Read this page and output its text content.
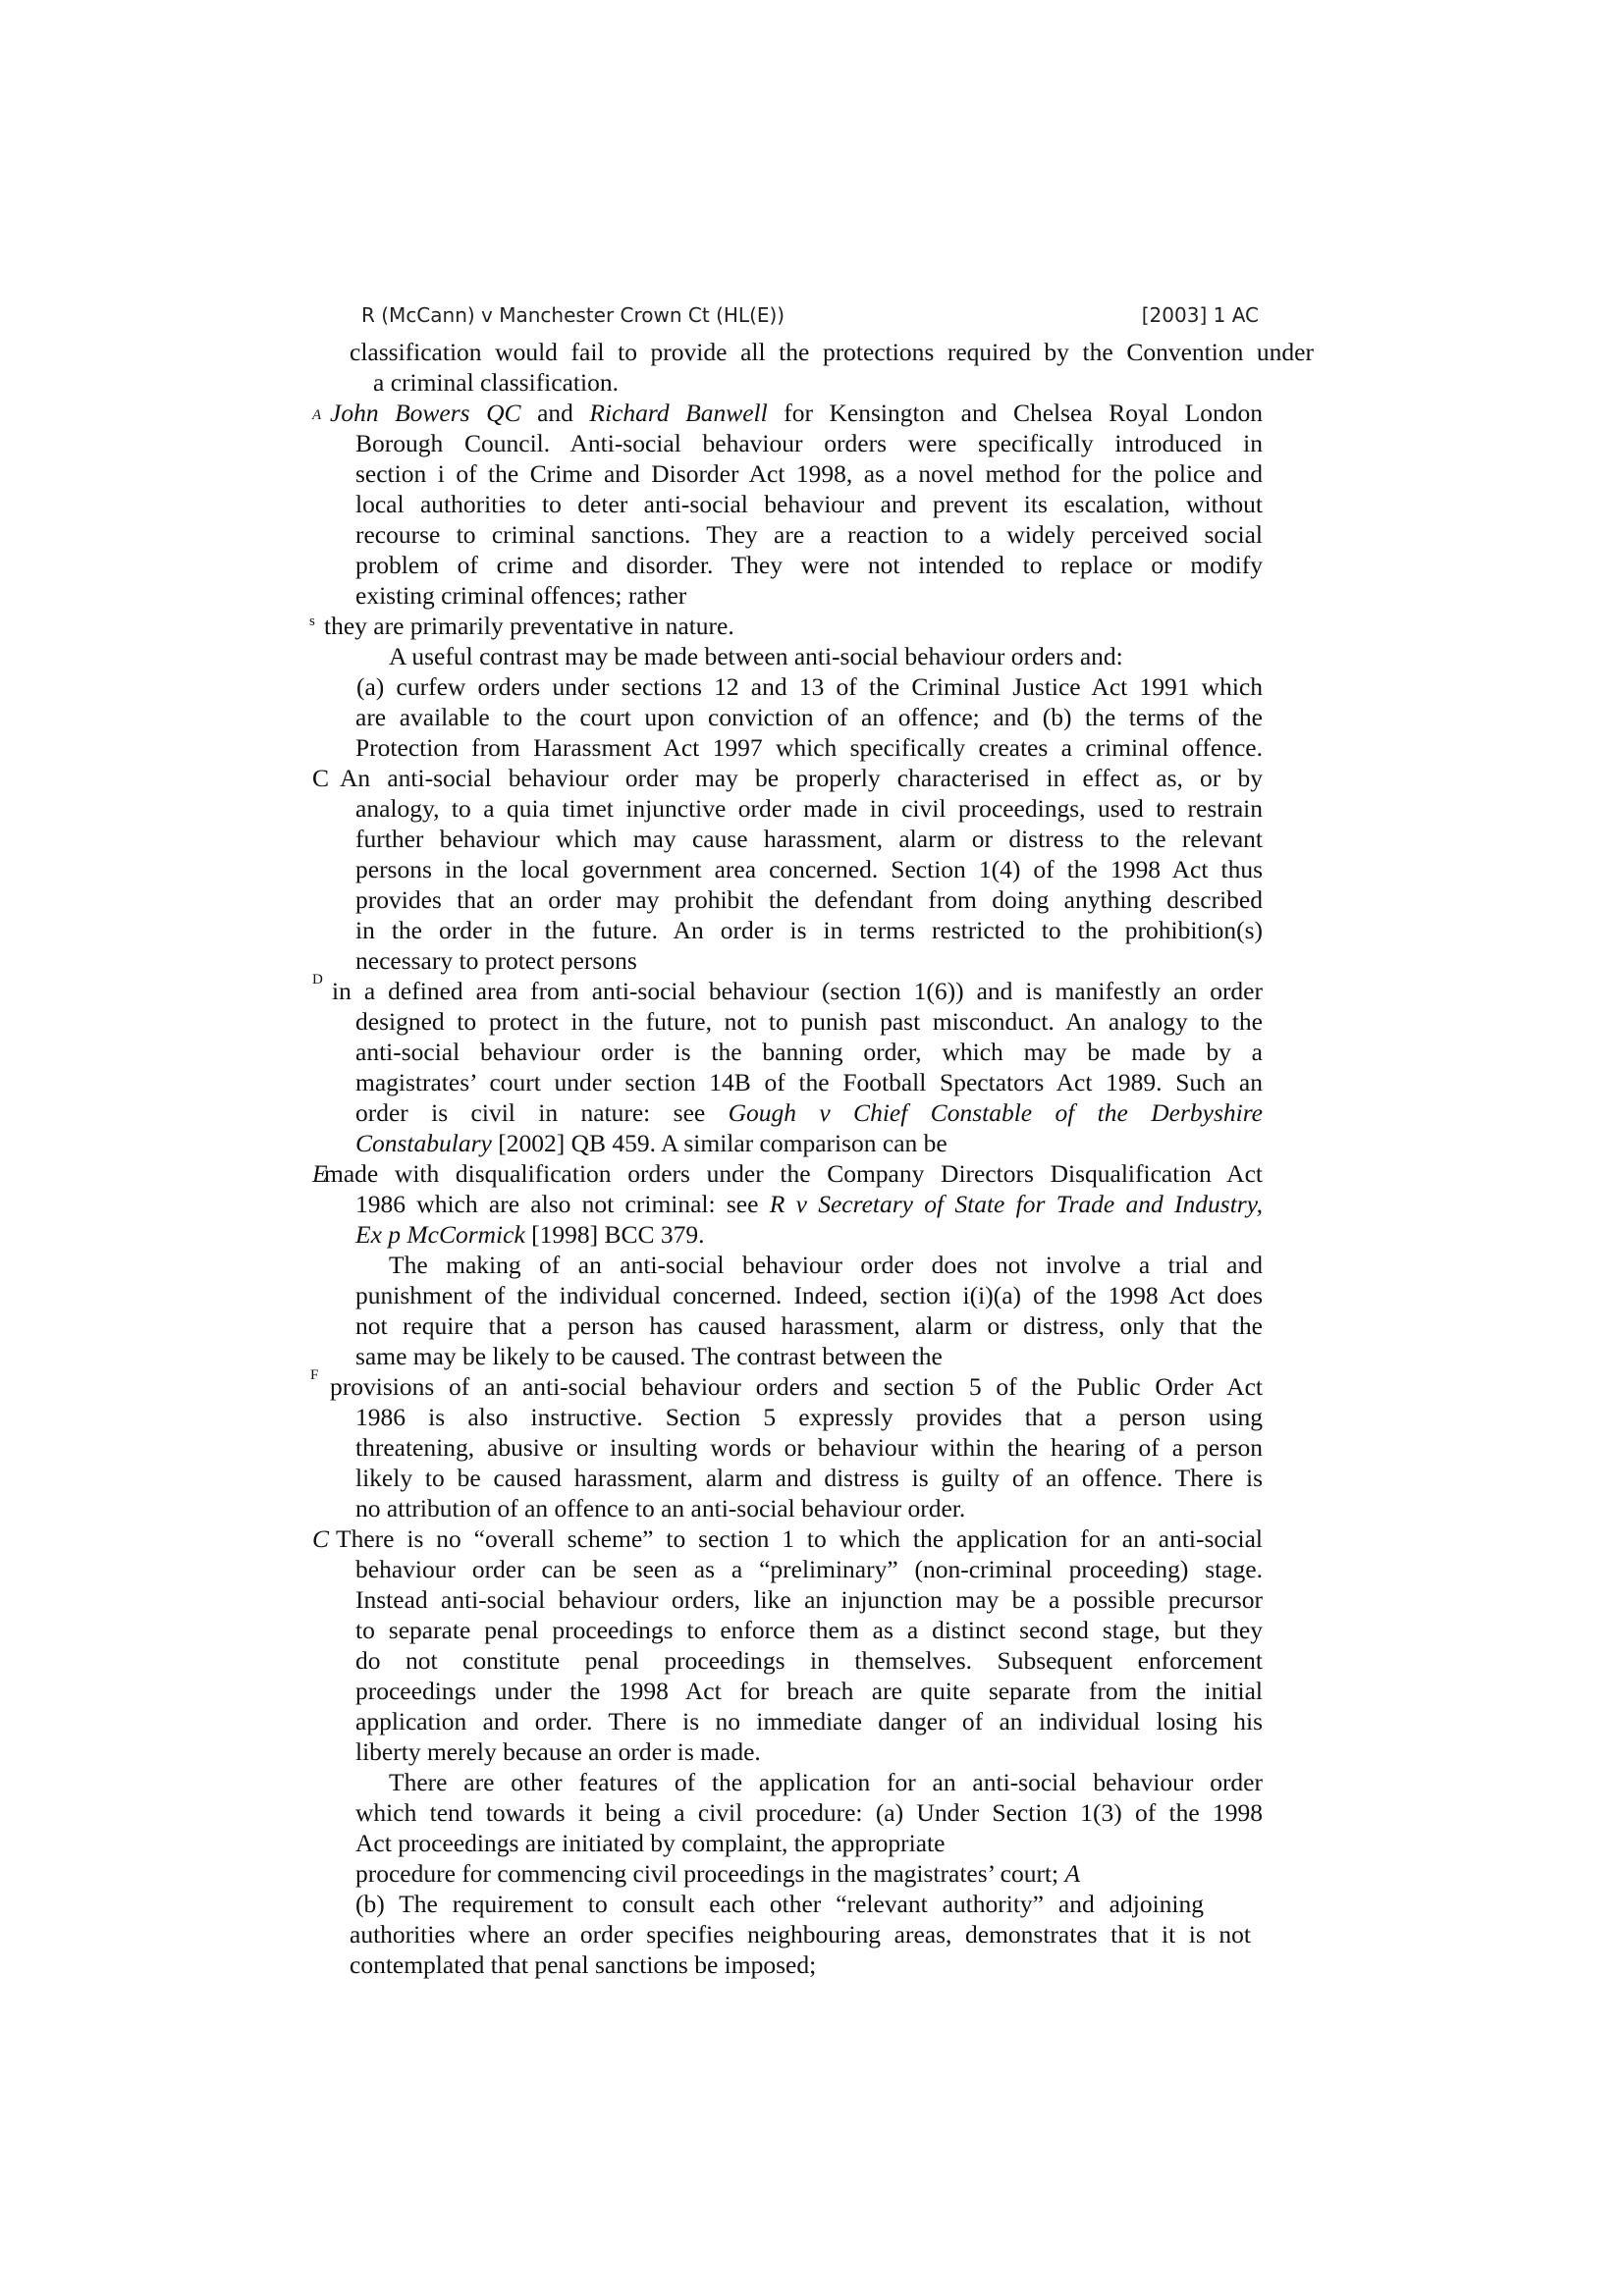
R (McCann) v Manchester Crown Ct (HL(E))	[2003] 1 AC
classification would fail to provide all the protections required by the Convention under
a criminal classification.
John Bowers QC and Richard Banwell for Kensington and Chelsea Royal London
Borough Council. Anti-social behaviour orders were specifically introduced in
section i of the Crime and Disorder Act 1998, as a novel method for the police and
local authorities to deter anti-social behaviour and prevent its escalation, without
recourse to criminal sanctions. They are a reaction to a widely perceived social
problem of crime and disorder. They were not intended to replace or modify
existing criminal offences; rather
they are primarily preventative in nature.
A useful contrast may be made between anti-social behaviour orders and:
(a) curfew orders under sections 12 and 13 of the Criminal Justice Act 1991 which
are available to the court upon conviction of an offence; and (b) the terms of the
Protection from Harassment Act 1997 which specifically creates a criminal offence.
An anti-social behaviour order may be properly characterised in effect as, or by
analogy, to a quia timet injunctive order made in civil proceedings, used to restrain
further behaviour which may cause harassment, alarm or distress to the relevant
persons in the local government area concerned. Section 1(4) of the 1998 Act thus
provides that an order may prohibit the defendant from doing anything described
in the order in the future. An order is in terms restricted to the prohibition(s)
necessary to protect persons
in a defined area from anti-social behaviour (section 1(6)) and is manifestly an order
designed to protect in the future, not to punish past misconduct. An analogy to the
anti-social behaviour order is the banning order, which may be made by a
magistrates’ court under section 14B of the Football Spectators Act 1989. Such an
order is civil in nature: see Gough v Chief Constable of the Derbyshire
Constabulary [2002] QB 459. A similar comparison can be
made with disqualification orders under the Company Directors Disqualification Act
1986 which are also not criminal: see R v Secretary of State for Trade and Industry,
Ex p McCormick [1998] BCC 379.
The making of an anti-social behaviour order does not involve a trial and
punishment of the individual concerned. Indeed, section i(i)(a) of the 1998 Act does
not require that a person has caused harassment, alarm or distress, only that the
same may be likely to be caused. The contrast between the
provisions of an anti-social behaviour orders and section 5 of the Public Order Act
1986 is also instructive. Section 5 expressly provides that a person using
threatening, abusive or insulting words or behaviour within the hearing of a person
likely to be caused harassment, alarm and distress is guilty of an offence. There is
no attribution of an offence to an anti-social behaviour order.
There is no “overall scheme” to section 1 to which the application for an anti-social
behaviour order can be seen as a “preliminary” (non-criminal proceeding) stage.
Instead anti-social behaviour orders, like an injunction may be a possible precursor
to separate penal proceedings to enforce them as a distinct second stage, but they
do not constitute penal proceedings in themselves. Subsequent enforcement
proceedings under the 1998 Act for breach are quite separate from the initial
application and order. There is no immediate danger of an individual losing his
liberty merely because an order is made.
There are other features of the application for an anti-social behaviour order
which tend towards it being a civil procedure: (a) Under Section 1(3) of the 1998
Act proceedings are initiated by complaint, the appropriate
procedure for commencing civil proceedings in the magistrates’ court; A
(b) The requirement to consult each other “relevant authority” and adjoining
authorities where an order specifies neighbouring areas, demonstrates that it is not
contemplated that penal sanctions be imposed;
A
s
C
D
E
F
C
